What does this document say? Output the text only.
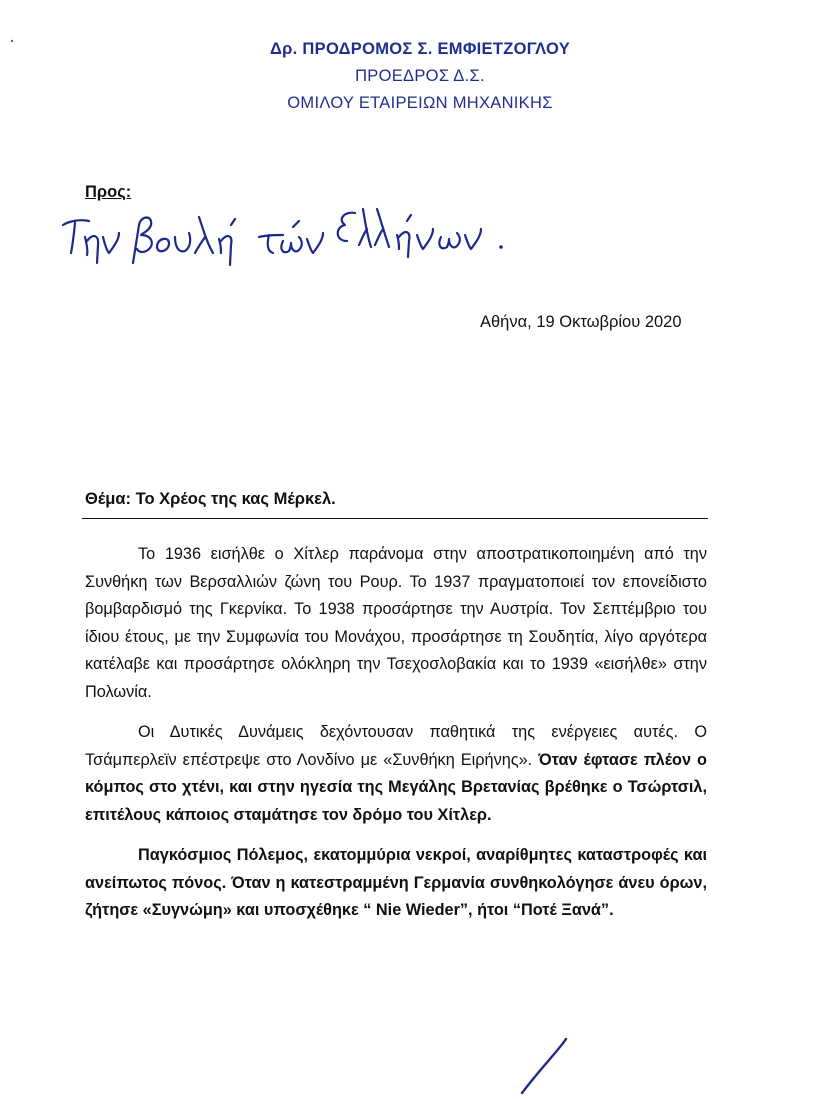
Δρ. ΠΡΟΔΡΟΜΟΣ Σ. ΕΜΦΙΕΤΖΟΓΛΟΥ
ΠΡΟΕΔΡΟΣ Δ.Σ.
ΟΜΙΛΟΥ ΕΤΑΙΡΕΙΩΝ ΜΗΧΑΝΙΚΗΣ
Προς:
Αθήνα, 19 Οκτωβρίου 2020
Θέμα: Το Χρέος της κας Μέρκελ.

Το 1936 εισήλθε ο Χίτλερ παράνομα στην αποστρατικοποιημένη από την Συνθήκη των Βερσαλλιών ζώνη του Ρουρ. Το 1937 πραγματοποιεί τον επονείδιστο βομβαρδισμό της Γκερνίκα. Το 1938 προσάρτησε την Αυστρία. Τον Σεπτέμβριο του ίδιου έτους, με την Συμφωνία του Μονάχου, προσάρτησε τη Σουδητία, λίγο αργότερα κατέλαβε και προσάρτησε ολόκληρη την Τσεχοσλοβακία και το 1939 «εισήλθε» στην Πολωνία.

Οι Δυτικές Δυνάμεις δεχόντουσαν παθητικά της ενέργειες αυτές. Ο Τσάμπερλεϊν επέστρεψε στο Λονδίνο με «Συνθήκη Ειρήνης». Όταν έφτασε πλέον ο κόμπος στο χτένι, και στην ηγεσία της Μεγάλης Βρετανίας βρέθηκε ο Τσώρτσιλ, επιτέλους κάποιος σταμάτησε τον δρόμο του Χίτλερ.

Παγκόσμιος Πόλεμος, εκατομμύρια νεκροί, αναρίθμητες καταστροφές και ανείπωτος πόνος. Όταν η κατεστραμμένη Γερμανία συνθηκολόγησε άνευ όρων, ζήτησε «Συγνώμη» και υποσχέθηκε “ Nie Wieder”, ήτοι “Ποτέ Ξανά”.
